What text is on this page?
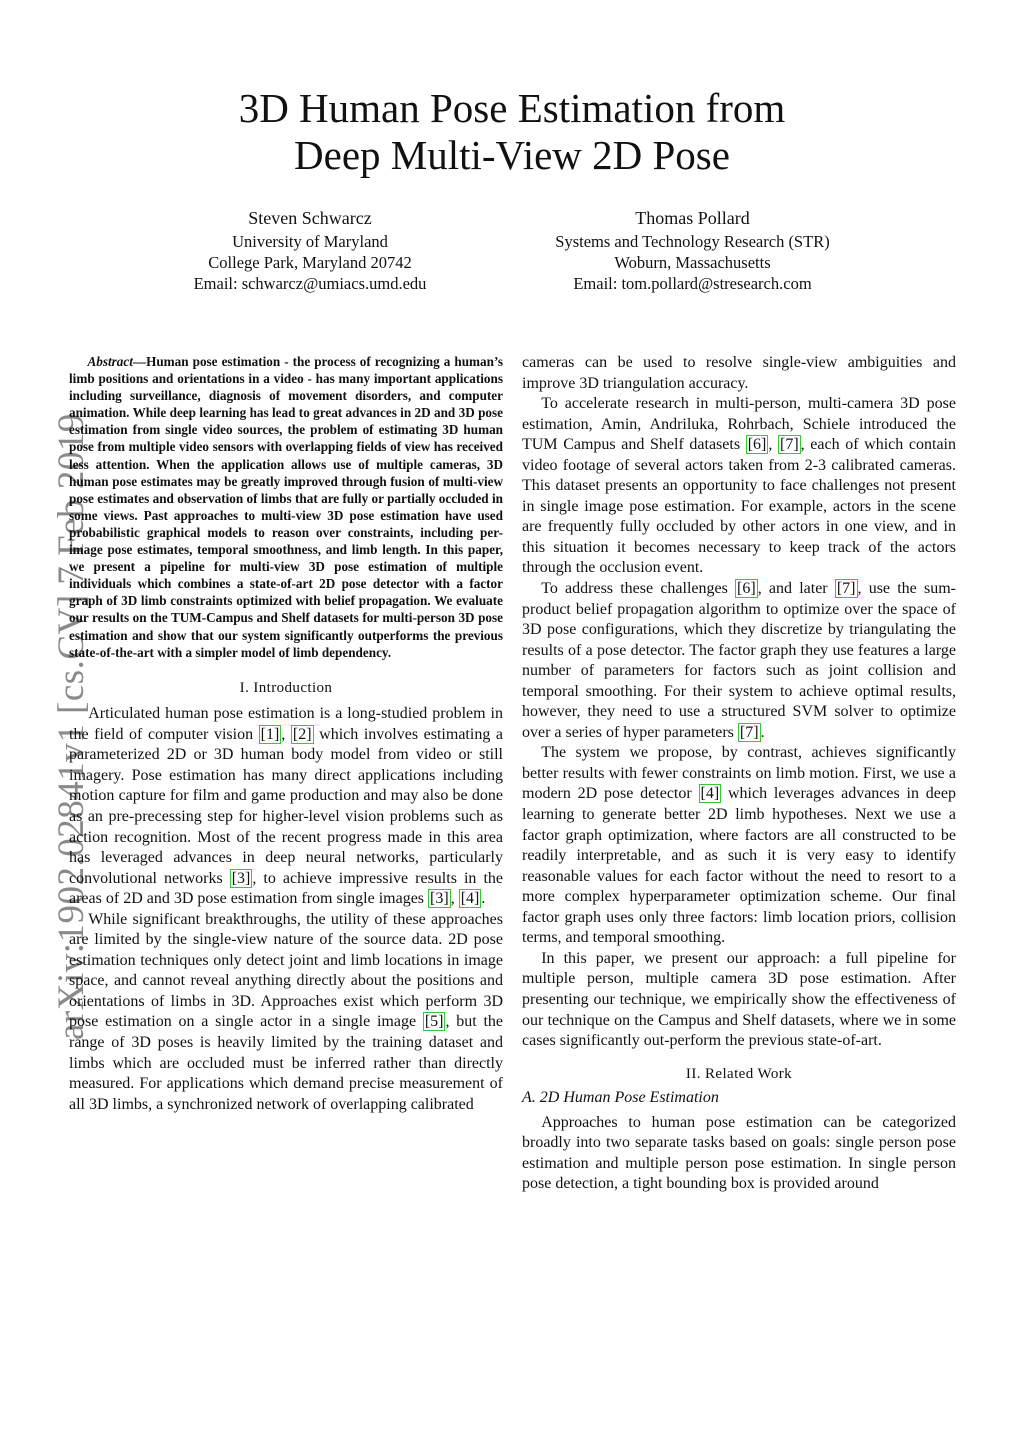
arXiv:1902.02841v1 [cs.CV] 7 Feb 2019
3D Human Pose Estimation from
Deep Multi-View 2D Pose
Steven Schwarcz
University of Maryland
College Park, Maryland 20742
Email: schwarcz@umiacs.umd.edu
Thomas Pollard
Systems and Technology Research (STR)
Woburn, Massachusetts
Email: tom.pollard@stresearch.com

Abstract—Human pose estimation - the process of recognizing a human’s limb positions and orientations in a video - has many important applications including surveillance, diagnosis of movement disorders, and computer animation. While deep learning has lead to great advances in 2D and 3D pose estimation from single video sources, the problem of estimating 3D human pose from multiple video sensors with overlapping fields of view has received less attention. When the application allows use of multiple cameras, 3D human pose estimates may be greatly improved through fusion of multi-view pose estimates and observation of limbs that are fully or partially occluded in some views. Past approaches to multi-view 3D pose estimation have used probabilistic graphical models to reason over constraints, including per-image pose estimates, temporal smoothness, and limb length. In this paper, we present a pipeline for multi-view 3D pose estimation of multiple individuals which combines a state-of-art 2D pose detector with a factor graph of 3D limb constraints optimized with belief propagation. We evaluate our results on the TUM-Campus and Shelf datasets for multi-person 3D pose estimation and show that our system significantly outperforms the previous state-of-the-art with a simpler model of limb dependency.

I. Introduction

Articulated human pose estimation is a long-studied problem in the field of computer vision [1] , [2] which involves estimating a parameterized 2D or 3D human body model from video or still imagery. Pose estimation has many direct applications including motion capture for film and game production and may also be done as an pre-precessing step for higher-level vision problems such as action recognition. Most of the recent progress made in this area has leveraged advances in deep neural networks, particularly convolutional networks [3] , to achieve impressive results in the areas of 2D and 3D pose estimation from single images [3] , [4] .

While significant breakthroughs, the utility of these approaches are limited by the single-view nature of the source data. 2D pose estimation techniques only detect joint and limb locations in image space, and cannot reveal anything directly about the positions and orientations of limbs in 3D. Approaches exist which perform 3D pose estimation on a single actor in a single image [5] , but the range of 3D poses is heavily limited by the training dataset and limbs which are occluded must be inferred rather than directly measured. For applications which demand precise measurement of all 3D limbs, a synchronized network of overlapping calibrated

cameras can be used to resolve single-view ambiguities and improve 3D triangulation accuracy.

To accelerate research in multi-person, multi-camera 3D pose estimation, Amin, Andriluka, Rohrbach, Schiele introduced the TUM Campus and Shelf datasets [6] , [7] , each of which contain video footage of several actors taken from 2-3 calibrated cameras. This dataset presents an opportunity to face challenges not present in single image pose estimation. For example, actors in the scene are frequently fully occluded by other actors in one view, and in this situation it becomes necessary to keep track of the actors through the occlusion event.

To address these challenges [6] , and later [7] , use the sum-product belief propagation algorithm to optimize over the space of 3D pose configurations, which they discretize by triangulating the results of a pose detector. The factor graph they use features a large number of parameters for factors such as joint collision and temporal smoothing. For their system to achieve optimal results, however, they need to use a structured SVM solver to optimize over a series of hyper parameters [7] .

The system we propose, by contrast, achieves significantly better results with fewer constraints on limb motion. First, we use a modern 2D pose detector [4] which leverages advances in deep learning to generate better 2D limb hypotheses. Next we use a factor graph optimization, where factors are all constructed to be readily interpretable, and as such it is very easy to identify reasonable values for each factor without the need to resort to a more complex hyperparameter optimization scheme. Our final factor graph uses only three factors: limb location priors, collision terms, and temporal smoothing.

In this paper, we present our approach: a full pipeline for multiple person, multiple camera 3D pose estimation. After presenting our technique, we empirically show the effectiveness of our technique on the Campus and Shelf datasets, where we in some cases significantly out-perform the previous state-of-art.

II. Related Work
A. 2D Human Pose Estimation

Approaches to human pose estimation can be categorized broadly into two separate tasks based on goals: single person pose estimation and multiple person pose estimation. In single person pose detection, a tight bounding box is provided around
